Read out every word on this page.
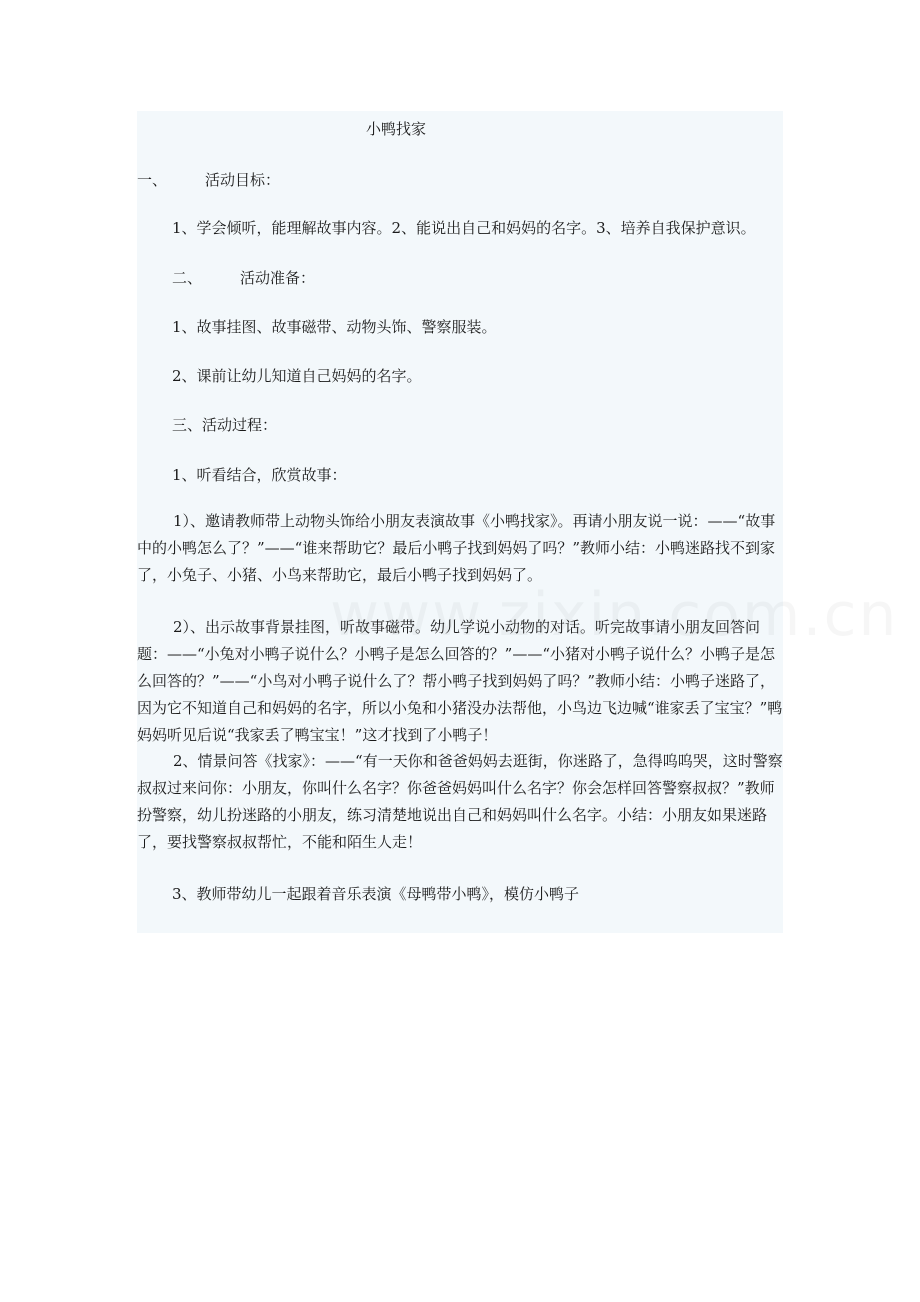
小鸭找家
一、	活动目标：
1、学会倾听，能理解故事内容。2、能说出自己和妈妈的名字。3、培养自我保护意识。
二、	活动准备：
1、故事挂图、故事磁带、动物头饰、警察服装。
2、课前让幼儿知道自己妈妈的名字。
三、活动过程：
1、听看结合，欣赏故事：
1）、邀请教师带上动物头饰给小朋友表演故事《小鸭找家》。再请小朋友说一说：——“故事中的小鸭怎么了？”——“谁来帮助它？最后小鸭子找到妈妈了吗？”教师小结：小鸭迷路找不到家了，小兔子、小猪、小鸟来帮助它，最后小鸭子找到妈妈了。
2）、出示故事背景挂图，听故事磁带。幼儿学说小动物的对话。听完故事请小朋友回答问题：——“小兔对小鸭子说什么？小鸭子是怎么回答的？”——“小猪对小鸭子说什么？小鸭子是怎么回答的？”——“小鸟对小鸭子说什么了？帮小鸭子找到妈妈了吗？”教师小结：小鸭子迷路了，因为它不知道自己和妈妈的名字，所以小兔和小猪没办法帮他，小鸟边飞边喊“谁家丢了宝宝？”鸭妈妈听见后说“我家丢了鸭宝宝！”这才找到了小鸭子！
2、情景问答《找家》：——“有一天你和爸爸妈妈去逛街，你迷路了，急得呜呜哭，这时警察叔叔过来问你：小朋友，你叫什么名字？你爸爸妈妈叫什么名字？你会怎样回答警察叔叔？”教师扮警察，幼儿扮迷路的小朋友，练习清楚地说出自己和妈妈叫什么名字。小结：小朋友如果迷路了，要找警察叔叔帮忙，不能和陌生人走！
3、教师带幼儿一起跟着音乐表演《母鸭带小鸭》，模仿小鸭子
